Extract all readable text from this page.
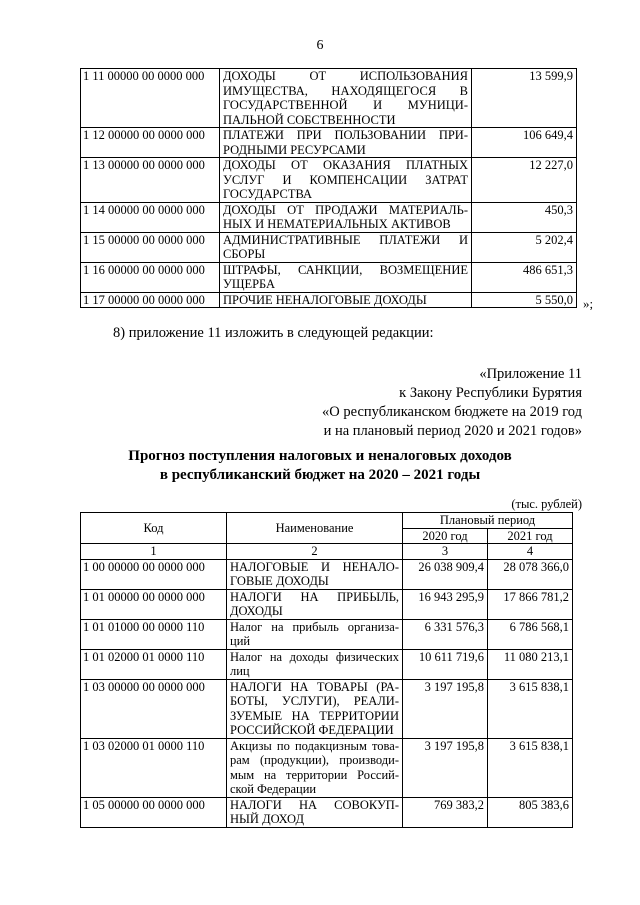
6
1 11 00000 00 0000 000	ДОХОДЫ ОТ ИСПОЛЬЗОВАНИЯ ИМУЩЕСТВА, НАХОДЯЩЕГОСЯ В ГОСУДАРСТВЕННОЙ И МУНИЦИ-ПАЛЬНОЙ СОБСТВЕННОСТИ	13 599,9
1 12 00000 00 0000 000	ПЛАТЕЖИ ПРИ ПОЛЬЗОВАНИИ ПРИ-РОДНЫМИ РЕСУРСАМИ	106 649,4
1 13 00000 00 0000 000	ДОХОДЫ ОТ ОКАЗАНИЯ ПЛАТНЫХ УСЛУГ И КОМПЕНСАЦИИ ЗАТРАТ ГОСУДАРСТВА	12 227,0
1 14 00000 00 0000 000	ДОХОДЫ ОТ ПРОДАЖИ МАТЕРИАЛЬ-НЫХ И НЕМАТЕРИАЛЬНЫХ АКТИВОВ	450,3
1 15 00000 00 0000 000	АДМИНИСТРАТИВНЫЕ ПЛАТЕЖИ И СБОРЫ	5 202,4
1 16 00000 00 0000 000	ШТРАФЫ, САНКЦИИ, ВОЗМЕЩЕНИЕ УЩЕРБА	486 651,3
1 17 00000 00 0000 000	ПРОЧИЕ НЕНАЛОГОВЫЕ ДОХОДЫ	5 550,0 »;
8) приложение 11 изложить в следующей редакции:
«Приложение 11
к Закону Республики Бурятия
«О республиканском бюджете на 2019 год
и на плановый период 2020 и 2021 годов»
Прогноз поступления налоговых и неналоговых доходов
в республиканский бюджет на 2020 – 2021 годы
(тыс. рублей)
Код	Наименование	Плановый период	
		2020 год	2021 год
1	2	3	4
1 00 00000 00 0000 000	НАЛОГОВЫЕ И НЕНАЛО-ГОВЫЕ ДОХОДЫ	26 038 909,4	28 078 366,0
1 01 00000 00 0000 000	НАЛОГИ НА ПРИБЫЛЬ, ДОХОДЫ	16 943 295,9	17 866 781,2
1 01 01000 00 0000 110	Налог на прибыль организа-ций	6 331 576,3	6 786 568,1
1 01 02000 01 0000 110	Налог на доходы физических лиц	10 611 719,6	11 080 213,1
1 03 00000 00 0000 000	НАЛОГИ НА ТОВАРЫ (РА-БОТЫ, УСЛУГИ), РЕАЛИ-ЗУЕМЫЕ НА ТЕРРИТОРИИ РОССИЙСКОЙ ФЕДЕРАЦИИ	3 197 195,8	3 615 838,1
1 03 02000 01 0000 110	Акцизы по подакцизным това-рам (продукции), производи-мым на территории Россий-ской Федерации	3 197 195,8	3 615 838,1
1 05 00000 00 0000 000	НАЛОГИ НА СОВОКУП-НЫЙ ДОХОД	769 383,2	805 383,6
